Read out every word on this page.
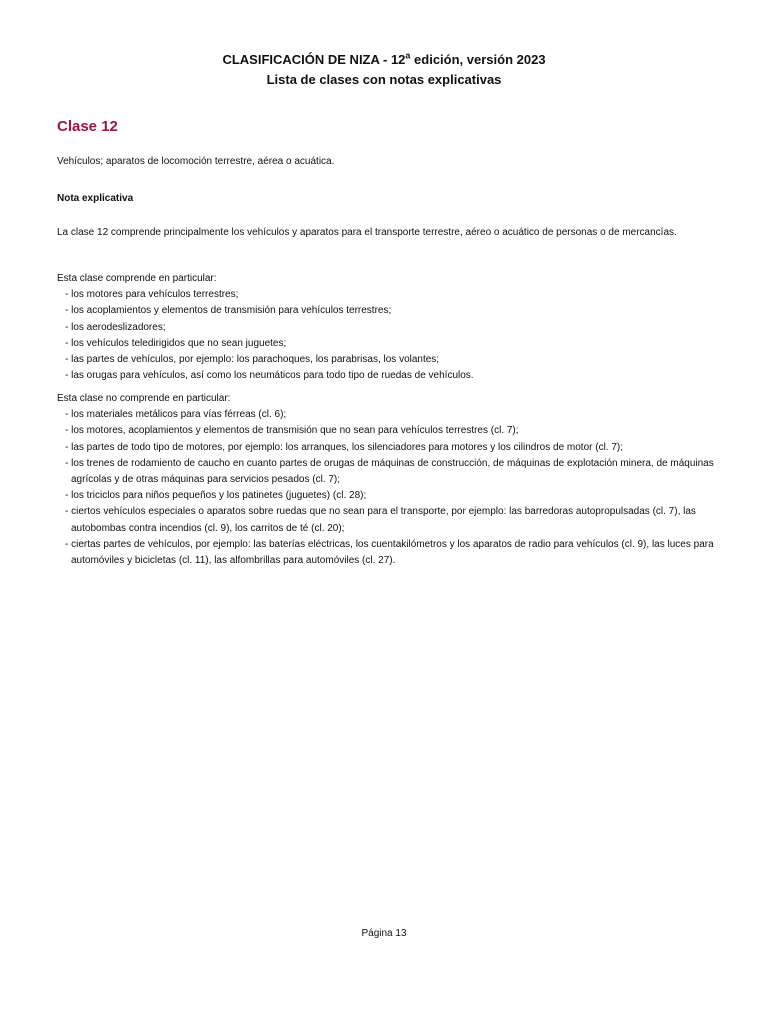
CLASIFICACIÓN DE NIZA - 12$^a$ edición, versión 2023
Lista de clases con notas explicativas
Clase 12
Vehículos; aparatos de locomoción terrestre, aérea o acuática.
Nota explicativa
La clase 12 comprende principalmente los vehículos y aparatos para el transporte terrestre, aéreo o acuático de personas o de mercancías.
Esta clase comprende en particular:
- los motores para vehículos terrestres;
- los acoplamientos y elementos de transmisión para vehículos terrestres;
- los aerodeslizadores;
- los vehículos teledirigidos que no sean juguetes;
- las partes de vehículos, por ejemplo: los parachoques, los parabrisas, los volantes;
- las orugas para vehículos, así como los neumáticos para todo tipo de ruedas de vehículos.
Esta clase no comprende en particular:
- los materiales metálicos para vías férreas (cl. 6);
- los motores, acoplamientos y elementos de transmisión que no sean para vehículos terrestres (cl. 7);
- las partes de todo tipo de motores, por ejemplo: los arranques, los silenciadores para motores y los cilindros de motor (cl. 7);
- los trenes de rodamiento de caucho en cuanto partes de orugas de máquinas de construcción, de máquinas de explotación minera, de máquinas agrícolas y de otras máquinas para servicios pesados (cl. 7);
- los triciclos para niños pequeños y los patinetes (juguetes) (cl. 28);
- ciertos vehículos especiales o aparatos sobre ruedas que no sean para el transporte, por ejemplo: las barredoras autopropulsadas (cl. 7), las autobombas contra incendios (cl. 9), los carritos de té (cl. 20);
- ciertas partes de vehículos, por ejemplo: las baterías eléctricas, los cuentakilómetros y los aparatos de radio para vehículos (cl. 9), las luces para automóviles y bicicletas (cl. 11), las alfombrillas para automóviles (cl. 27).
Página 13
